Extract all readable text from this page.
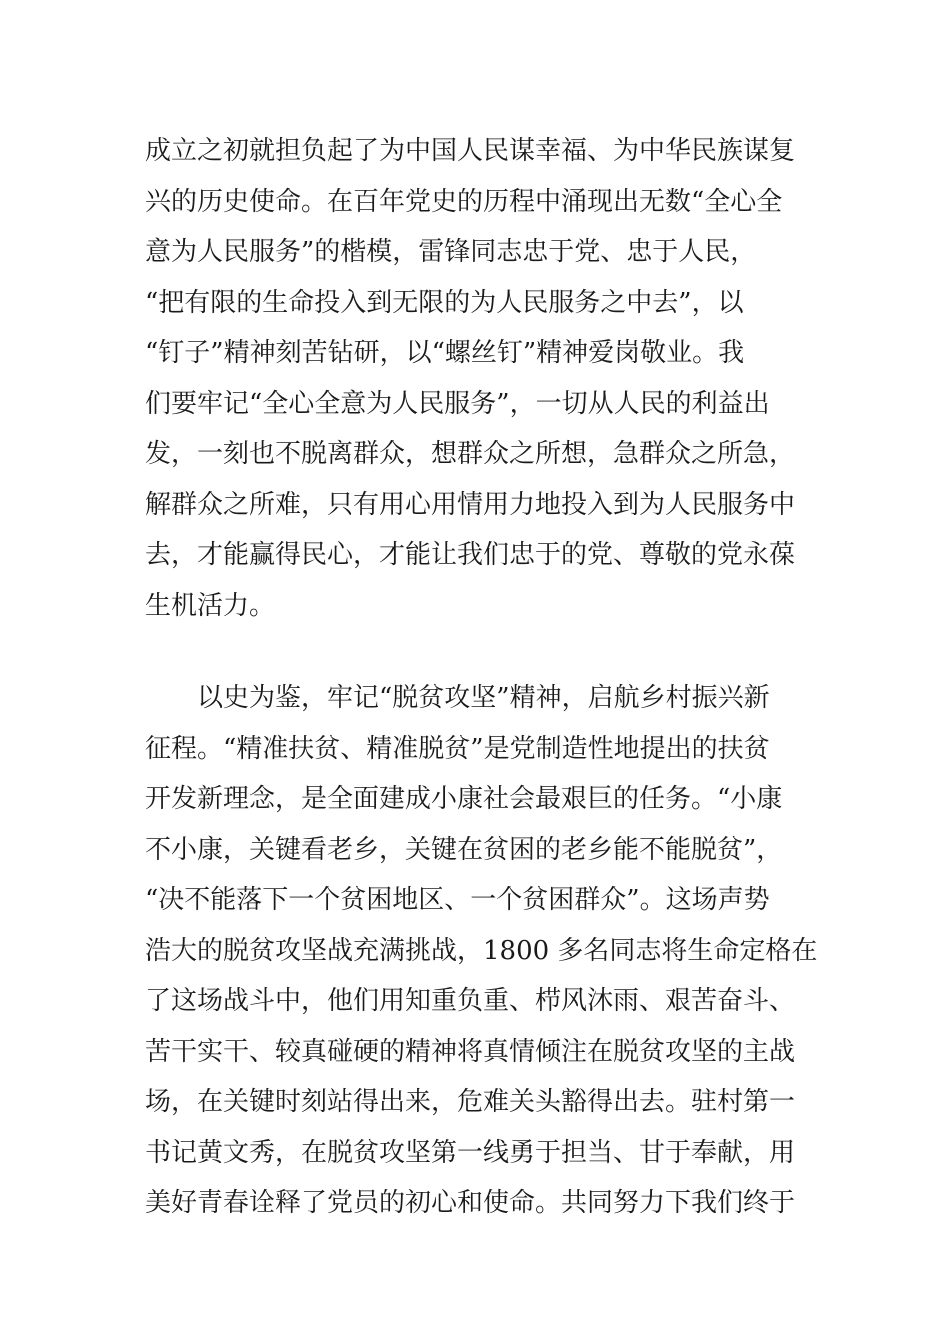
成立之初就担负起了为中国人民谋幸福、为中华民族谋复
兴的历史使命。在百年党史的历程中涌现出无数“全心全
意为人民服务”的楷模，雷锋同志忠于党、忠于人民，
“把有限的生命投入到无限的为人民服务之中去”，以
“钉子”精神刻苦钻研，以“螺丝钉”精神爱岗敬业。我
们要牢记“全心全意为人民服务”，一切从人民的利益出
发，一刻也不脱离群众，想群众之所想，急群众之所急，
解群众之所难，只有用心用情用力地投入到为人民服务中
去，才能赢得民心，才能让我们忠于的党、尊敬的党永葆
生机活力。
以史为鉴，牢记“脱贫攻坚”精神，启航乡村振兴新
征程。“精准扶贫、精准脱贫”是党制造性地提出的扶贫
开发新理念，是全面建成小康社会最艰巨的任务。“小康
不小康，关键看老乡，关键在贫困的老乡能不能脱贫”，
“决不能落下一个贫困地区、一个贫困群众”。这场声势
浩大的脱贫攻坚战充满挑战，1800 多名同志将生命定格在
了这场战斗中，他们用知重负重、栉风沐雨、艰苦奋斗、
苦干实干、较真碰硬的精神将真情倾注在脱贫攻坚的主战
场，在关键时刻站得出来，危难关头豁得出去。驻村第一
书记黄文秀，在脱贫攻坚第一线勇于担当、甘于奉献，用
美好青春诠释了党员的初心和使命。共同努力下我们终于
